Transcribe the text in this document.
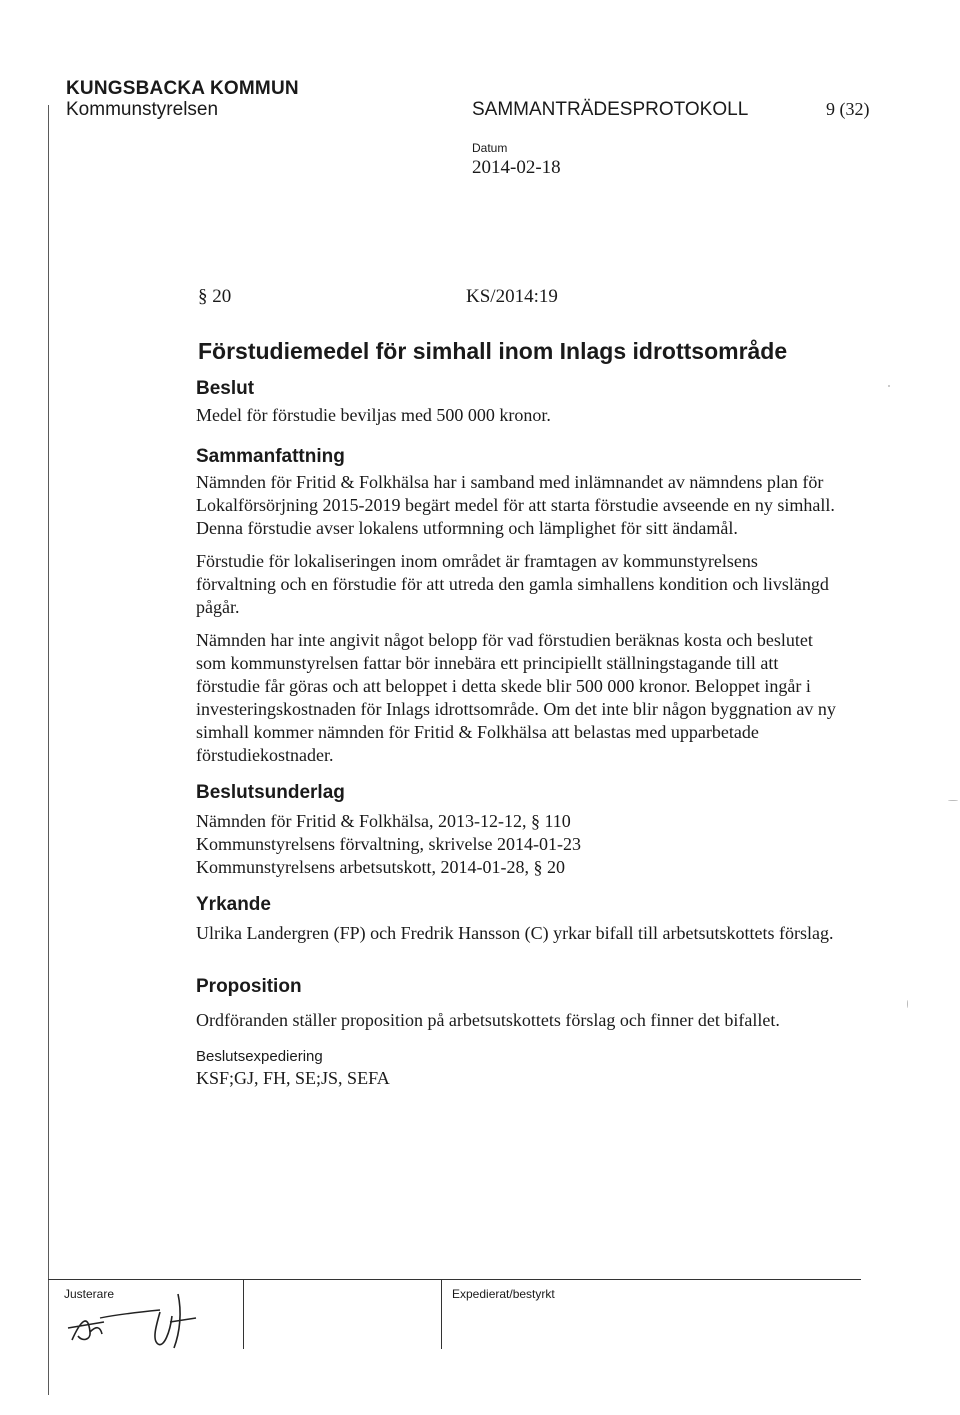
KUNGSBACKA KOMMUN
Kommunstyrelsen	SAMMANTRÄDESPROTOKOLL	9 (32)
Datum
2014-02-18
§ 20	KS/2014:19
Förstudiemedel för simhall inom Inlags idrottsområde

Beslut

Medel för förstudie beviljas med 500 000 kronor.

Sammanfattning

Nämnden för Fritid & Folkhälsa har i samband med inlämnandet av nämndens plan för Lokalförsörjning 2015-2019 begärt medel för att starta förstudie avseende en ny simhall. Denna förstudie avser lokalens utformning och lämplighet för sitt ändamål.

Förstudie för lokaliseringen inom området är framtagen av kommunstyrelsens förvaltning och en förstudie för att utreda den gamla simhallens kondition och livslängd pågår.

Nämnden har inte angivit något belopp för vad förstudien beräknas kosta och beslutet som kommunstyrelsen fattar bör innebära ett principiellt ställningstagande till att förstudie får göras och att beloppet i detta skede blir 500 000 kronor. Beloppet ingår i investeringskostnaden för Inlags idrottsområde. Om det inte blir någon byggnation av ny simhall kommer nämnden för Fritid & Folkhälsa att belastas med upparbetade förstudiekostnader.

Beslutsunderlag

Nämnden för Fritid & Folkhälsa, 2013-12-12, § 110

Kommunstyrelsens förvaltning, skrivelse 2014-01-23

Kommunstyrelsens arbetsutskott, 2014-01-28, § 20

Yrkande

Ulrika Landergren (FP) och Fredrik Hansson (C) yrkar bifall till arbetsutskottets förslag.

Proposition

Ordföranden ställer proposition på arbetsutskottets förslag och finner det bifallet.

Beslutsexpediering

KSF;GJ, FH, SE;JS, SEFA

Justerare	Expedierat/bestyrkt
